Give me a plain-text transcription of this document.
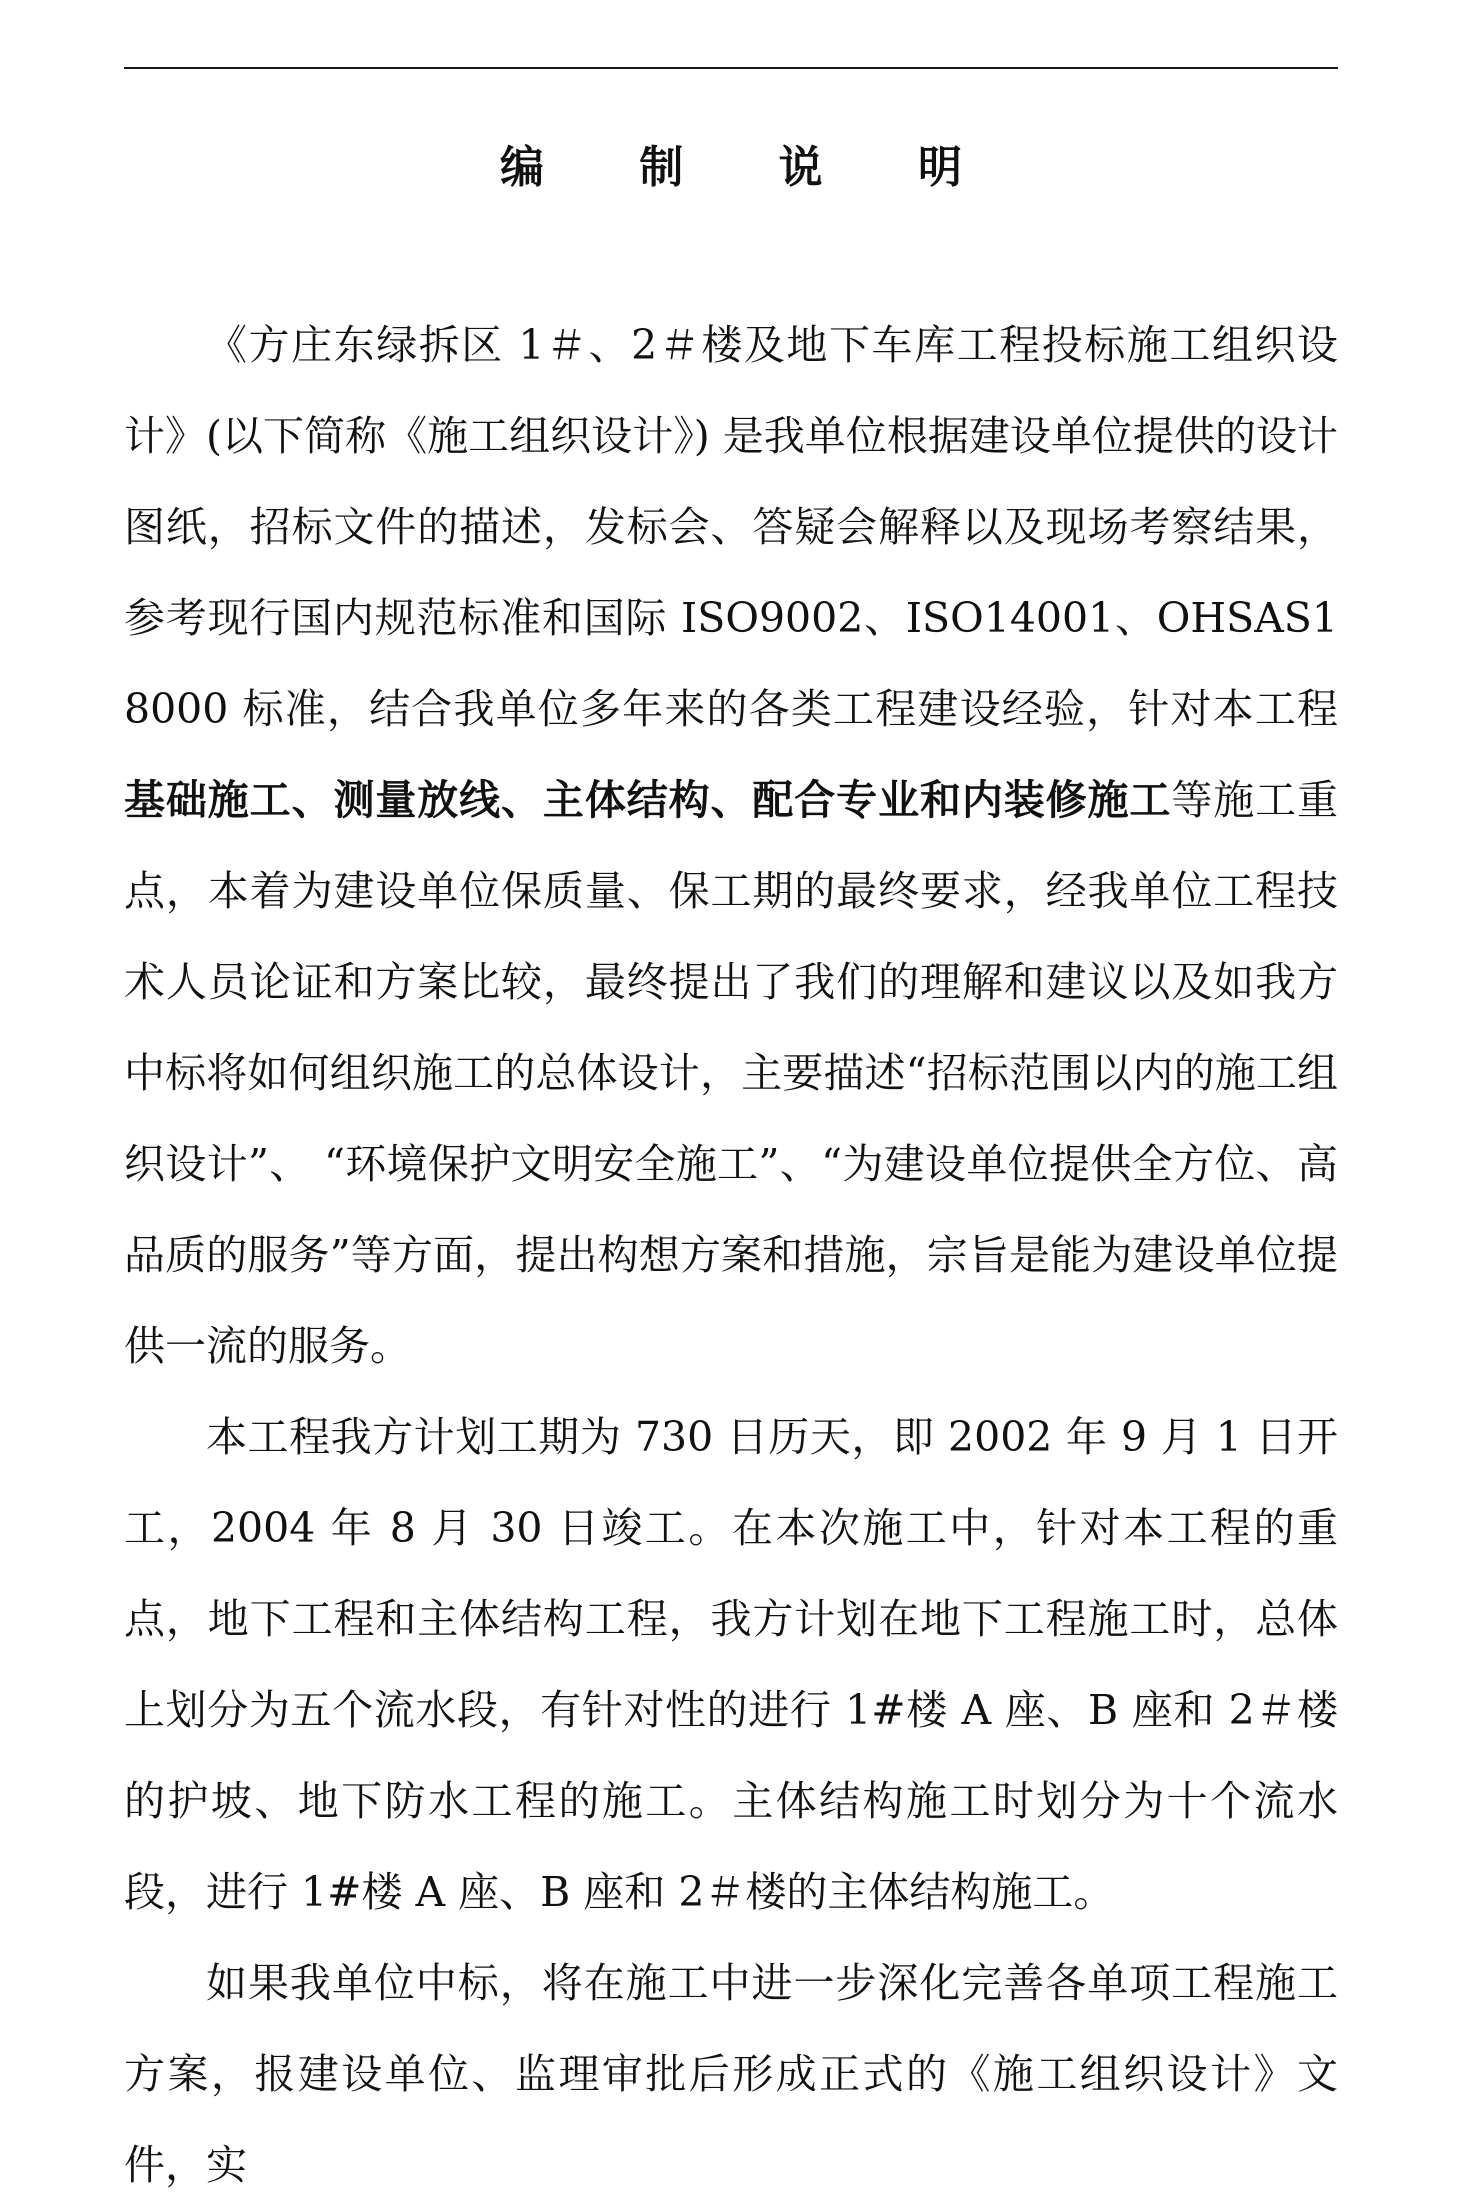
编 制 说 明

《方庄东绿拆区 1＃、2＃楼及地下车库工程投标施工组织设计》(以下简称《施工组织设计》) 是我单位根据建设单位提供的设计图纸，招标文件的描述，发标会、答疑会解释以及现场考察结果，参考现行国内规范标准和国际 ISO9002、ISO14001、OHSAS18000 标准，结合我单位多年来的各类工程建设经验，针对本工程基础施工、测量放线、主体结构、配合专业和内装修施工等施工重点，本着为建设单位保质量、保工期的最终要求，经我单位工程技术人员论证和方案比较，最终提出了我们的理解和建议以及如我方中标将如何组织施工的总体设计，主要描述“招标范围以内的施工组织设计”、 “环境保护文明安全施工”、“为建设单位提供全方位、高品质的服务”等方面，提出构想方案和措施，宗旨是能为建设单位提供一流的服务。

本工程我方计划工期为 730 日历天，即 2002 年 9 月 1 日开工，2004 年 8 月 30 日竣工。在本次施工中，针对本工程的重点，地下工程和主体结构工程，我方计划在地下工程施工时，总体上划分为五个流水段，有针对性的进行 1#楼 A 座、B 座和 2＃楼的护坡、地下防水工程的施工。主体结构施工时划分为十个流水段，进行 1#楼 A 座、B 座和 2＃楼的主体结构施工。

如果我单位中标，将在施工中进一步深化完善各单项工程施工方案，报建设单位、监理审批后形成正式的《施工组织设计》文件，实
